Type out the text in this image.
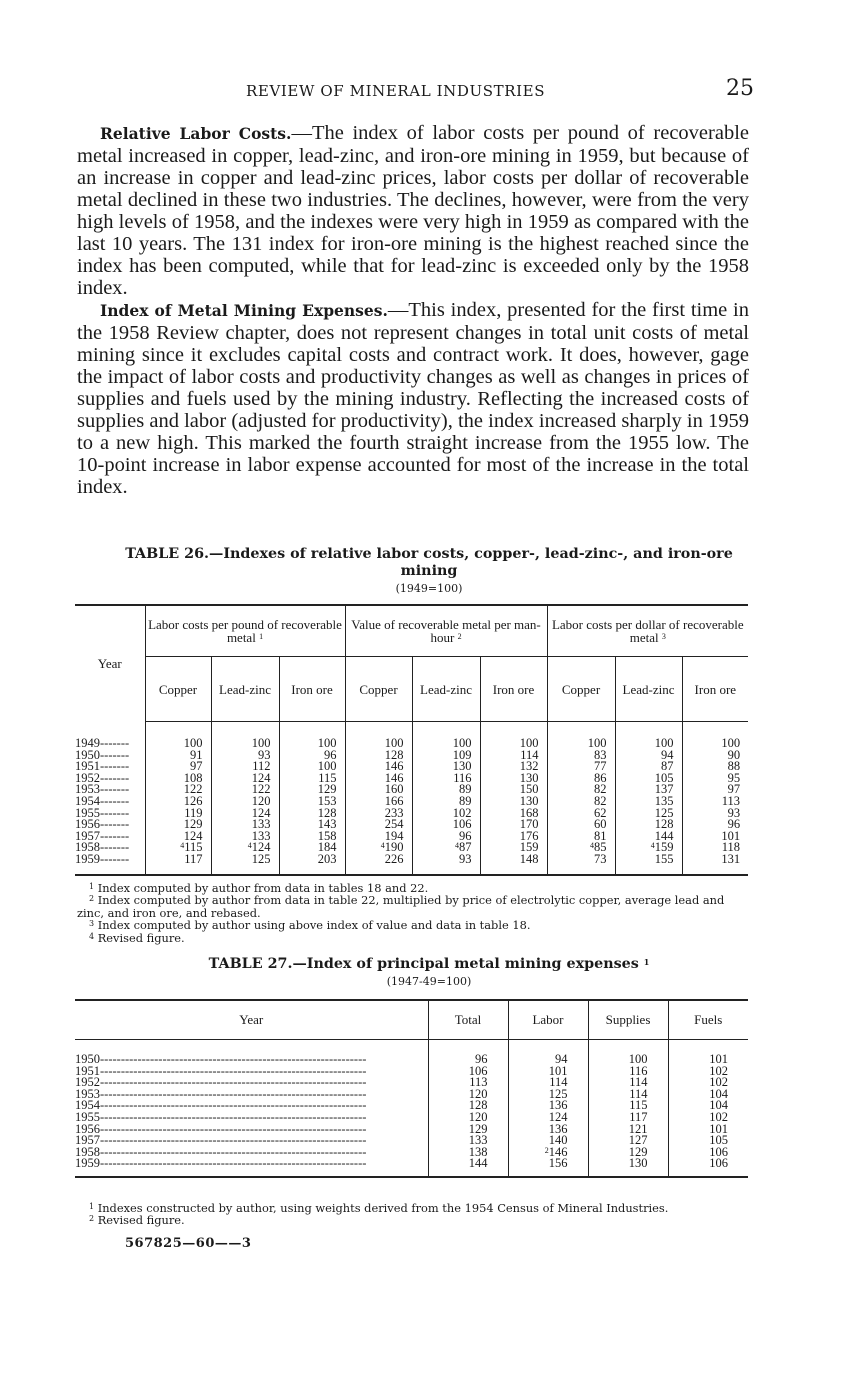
REVIEW OF MINERAL INDUSTRIES	25

Relative Labor Costs.—The index of labor costs per pound of recoverable metal increased in copper, lead-zinc, and iron-ore mining in 1959, but because of an increase in copper and lead-zinc prices, labor costs per dollar of recoverable metal declined in these two industries. The declines, however, were from the very high levels of 1958, and the indexes were very high in 1959 as compared with the last 10 years. The 131 index for iron-ore mining is the highest reached since the index has been computed, while that for lead-zinc is exceeded only by the 1958 index.

Index of Metal Mining Expenses.—This index, presented for the first time in the 1958 Review chapter, does not represent changes in total unit costs of metal mining since it excludes capital costs and contract work. It does, however, gage the impact of labor costs and productivity changes as well as changes in prices of supplies and fuels used by the mining industry. Reflecting the increased costs of supplies and labor (adjusted for productivity), the index increased sharply in 1959 to a new high. This marked the fourth straight increase from the 1955 low. The 10-point increase in labor expense accounted for most of the increase in the total index.

TABLE 26.—Indexes of relative labor costs, copper-, lead-zinc-, and iron-ore mining
(1949=100)
Year	Labor costs per pound of recoverable metal $^1$			Value of recoverable metal per man-hour $^2$			Labor costs per dollar of recoverable metal $^3$
	Copper	Lead-zinc	Iron ore	Copper	Lead-zinc	Iron ore	Copper	Lead-zinc	Iron ore
1949-------	100	100	100	100	100	100	100	100	100
1950-------	91	93	96	128	109	114	83	94	90
1951-------	97	112	100	146	130	132	77	87	88
1952-------	108	124	115	146	116	130	86	105	95
1953-------	122	122	129	160	89	150	82	137	97
1954-------	126	120	153	166	89	130	82	135	113
1955-------	119	124	128	233	102	168	62	125	93
1956-------	129	133	143	254	106	170	60	128	96
1957-------	124	133	158	194	96	176	81	144	101
1958-------	$^4$115	$^4$124	184	$^4$190	$^4$87	159	$^4$85	$^4$159	118
1959-------	117	125	203	226	93	148	73	155	131

$^1$ Index computed by author from data in tables 18 and 22.

$^2$ Index computed by author from data in table 22, multiplied by price of electrolytic copper, average lead and zinc, and iron ore, and rebased.

$^3$ Index computed by author using above index of value and data in table 18.

$^4$ Revised figure.

TABLE 27.—Index of principal metal mining expenses $^1$
(1947-49=100)
Year	Total	Labor	Supplies	Fuels
1950----------------------------------------------------------------	96	94	100	101
1951----------------------------------------------------------------	106	101	116	102
1952----------------------------------------------------------------	113	114	114	102
1953----------------------------------------------------------------	120	125	114	104
1954----------------------------------------------------------------	128	136	115	104
1955----------------------------------------------------------------	120	124	117	102
1956----------------------------------------------------------------	129	136	121	101
1957----------------------------------------------------------------	133	140	127	105
1958----------------------------------------------------------------	138	$^2$146	129	106
1959----------------------------------------------------------------	144	156	130	106

$^1$ Indexes constructed by author, using weights derived from the 1954 Census of Mineral Industries.

$^2$ Revised figure.

567825—60——3
